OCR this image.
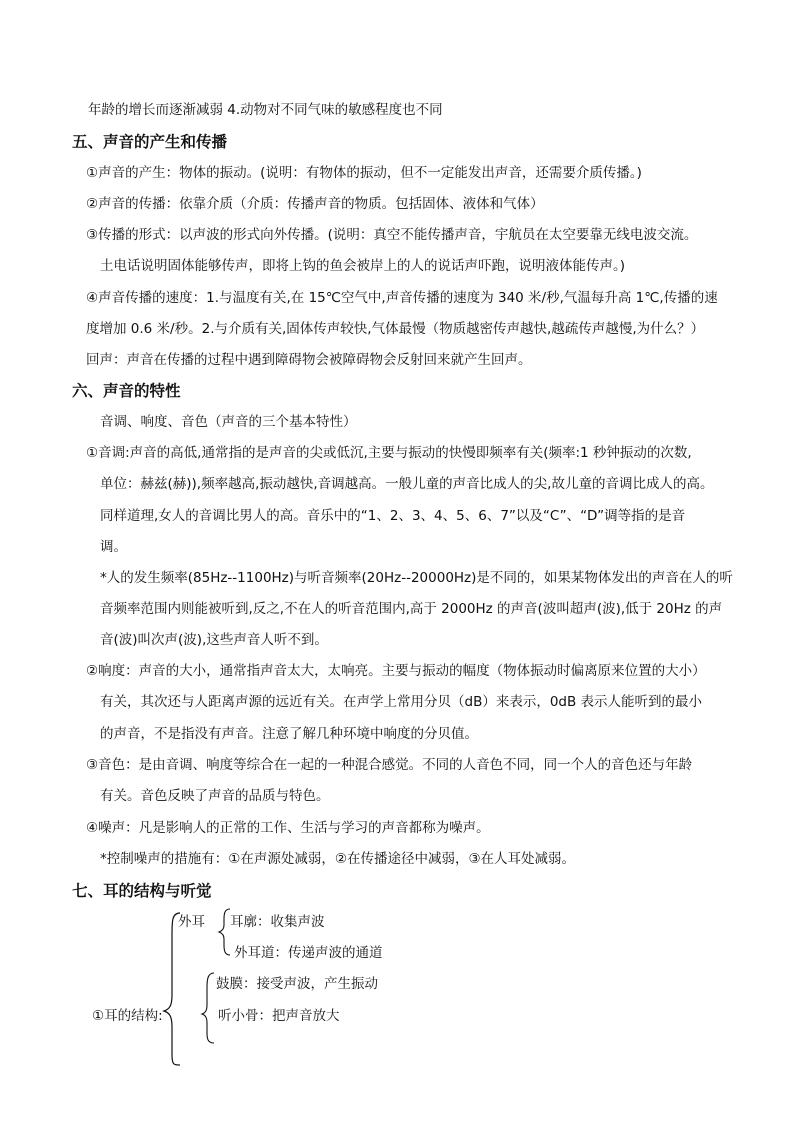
年龄的增长而逐渐减弱 4.动物对不同气味的敏感程度也不同
五、声音的产生和传播
①声音的产生：物体的振动。(说明：有物体的振动，但不一定能发出声音，还需要介质传播。)
②声音的传播：依靠介质（介质：传播声音的物质。包括固体、液体和气体）
③传播的形式：以声波的形式向外传播。(说明：真空不能传播声音，宇航员在太空要靠无线电波交流。
土电话说明固体能够传声，即将上钩的鱼会被岸上的人的说话声吓跑，说明液体能传声。)
④声音传播的速度：1.与温度有关,在 15℃空气中,声音传播的速度为 340 米/秒,气温每升高 1℃,传播的速
度增加 0.6 米/秒。2.与介质有关,固体传声较快,气体最慢（物质越密传声越快,越疏传声越慢,为什么？）
回声：声音在传播的过程中遇到障碍物会被障碍物会反射回来就产生回声。
六、声音的特性
音调、响度、音色（声音的三个基本特性）
①音调:声音的高低,通常指的是声音的尖或低沉,主要与振动的快慢即频率有关(频率:1 秒钟振动的次数,
单位：赫兹(赫)),频率越高,振动越快,音调越高。一般儿童的声音比成人的尖,故儿童的音调比成人的高。
同样道理,女人的音调比男人的高。音乐中的“1、2、3、4、5、6、7”以及“C”、“D”调等指的是音
调。
*人的发生频率(85Hz--1100Hz)与听音频率(20Hz--20000Hz)是不同的，如果某物体发出的声音在人的听
音频率范围内则能被听到,反之,不在人的听音范围内,高于 2000Hz 的声音(波叫超声(波),低于 20Hz 的声
音(波)叫次声(波),这些声音人听不到。
②响度：声音的大小，通常指声音太大，太响亮。主要与振动的幅度（物体振动时偏离原来位置的大小）
有关，其次还与人距离声源的远近有关。在声学上常用分贝（dB）来表示，0dB 表示人能听到的最小
的声音，不是指没有声音。注意了解几种环境中响度的分贝值。
③音色：是由音调、响度等综合在一起的一种混合感觉。不同的人音色不同，同一个人的音色还与年龄
有关。音色反映了声音的品质与特色。
④噪声：凡是影响人的正常的工作、生活与学习的声音都称为噪声。
*控制噪声的措施有：①在声源处减弱，②在传播途径中减弱，③在人耳处减弱。
七、耳的结构与听觉
外耳 耳廓：收集声波
外耳道：传递声波的通道
鼓膜：接受声波，产生振动
①耳的结构:	听小骨：把声音放大
